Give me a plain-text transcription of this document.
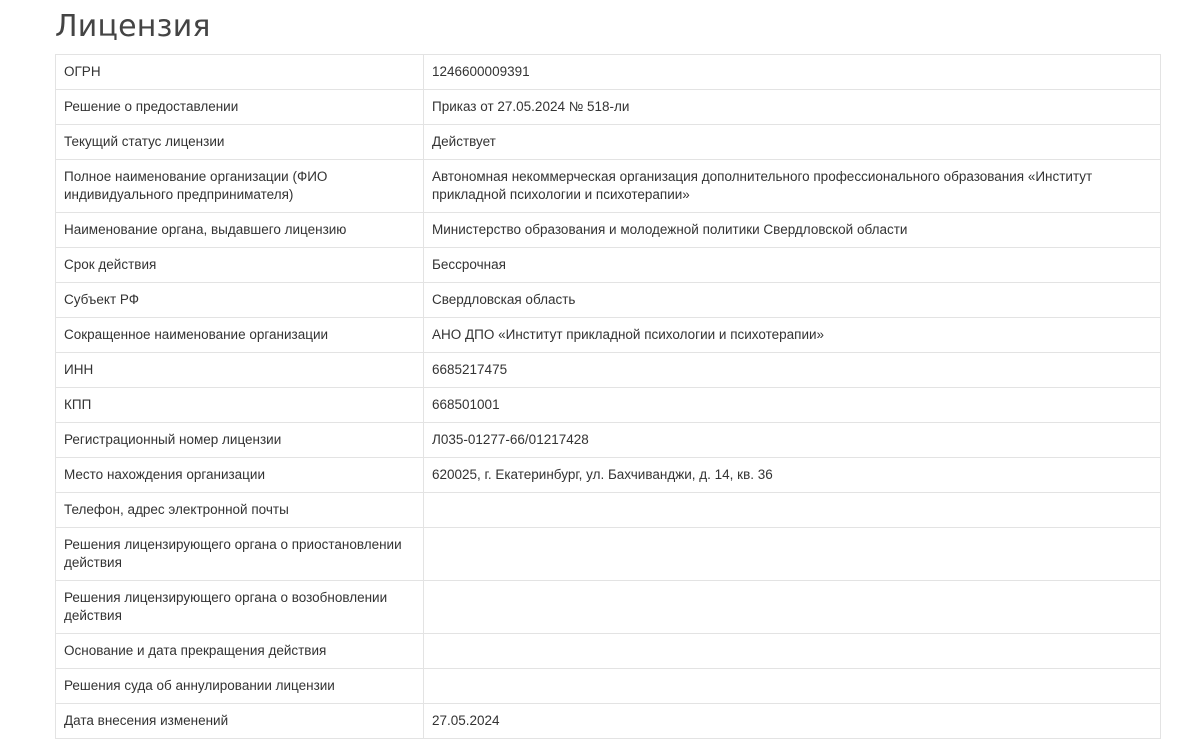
Лицензия
ОГРН	1246600009391
Решение о предоставлении	Приказ от 27.05.2024 № 518-ли
Текущий статус лицензии	Действует
Полное наименование организации (ФИО индивидуального предпринимателя)	Автономная некоммерческая организация дополнительного профессионального образования «Институт прикладной психологии и психотерапии»
Наименование органа, выдавшего лицензию	Министерство образования и молодежной политики Свердловской области
Срок действия	Бессрочная
Субъект РФ	Свердловская область
Сокращенное наименование организации	АНО ДПО «Институт прикладной психологии и психотерапии»
ИНН	6685217475
КПП	668501001
Регистрационный номер лицензии	Л035-01277-66/01217428
Место нахождения организации	620025, г. Екатеринбург, ул. Бахчиванджи, д. 14, кв. 36
Телефон, адрес электронной почты	
Решения лицензирующего органа о приостановлении действия	
Решения лицензирующего органа о возобновлении действия	
Основание и дата прекращения действия	
Решения суда об аннулировании лицензии	
Дата внесения изменений	27.05.2024
